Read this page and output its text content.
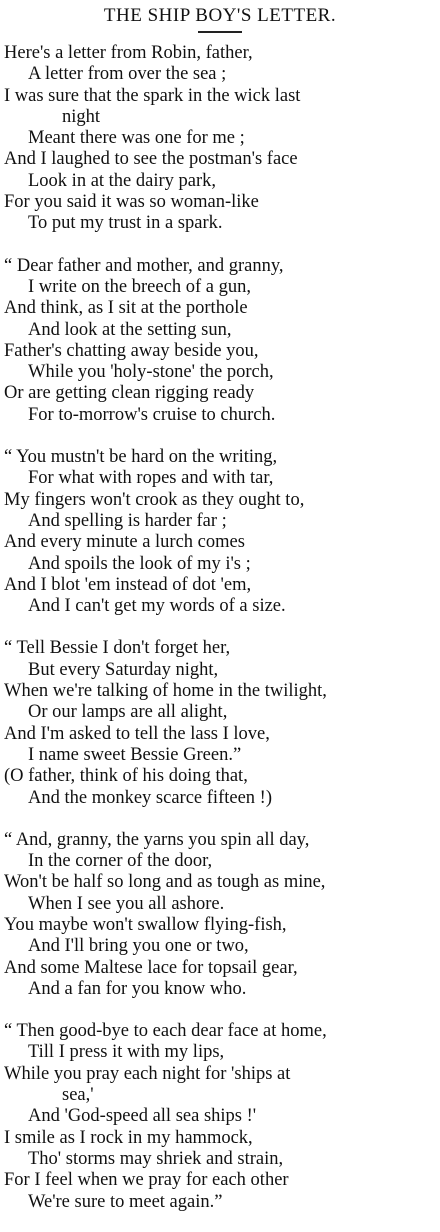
THE SHIP BOY'S LETTER.
Here's a letter from Robin, father,
A letter from over the sea ;
I was sure that the spark in the wick last
night
Meant there was one for me ;
And I laughed to see the postman's face
Look in at the dairy park,
For you said it was so woman-like
To put my trust in a spark.
“ Dear father and mother, and granny,
I write on the breech of a gun,
And think, as I sit at the porthole
And look at the setting sun,
Father's chatting away beside you,
While you 'holy-stone' the porch,
Or are getting clean rigging ready
For to-morrow's cruise to church.
“ You mustn't be hard on the writing,
For what with ropes and with tar,
My fingers won't crook as they ought to,
And spelling is harder far ;
And every minute a lurch comes
And spoils the look of my i's ;
And I blot 'em instead of dot 'em,
And I can't get my words of a size.
“ Tell Bessie I don't forget her,
But every Saturday night,
When we're talking of home in the twilight,
Or our lamps are all alight,
And I'm asked to tell the lass I love,
I name sweet Bessie Green.”
(O father, think of his doing that,
And the monkey scarce fifteen !)
“ And, granny, the yarns you spin all day,
In the corner of the door,
Won't be half so long and as tough as mine,
When I see you all ashore.
You maybe won't swallow flying-fish,
And I'll bring you one or two,
And some Maltese lace for topsail gear,
And a fan for you know who.
“ Then good-bye to each dear face at home,
Till I press it with my lips,
While you pray each night for 'ships at
sea,'
And 'God-speed all sea ships !'
I smile as I rock in my hammock,
Tho' storms may shriek and strain,
For I feel when we pray for each other
We're sure to meet again.”
